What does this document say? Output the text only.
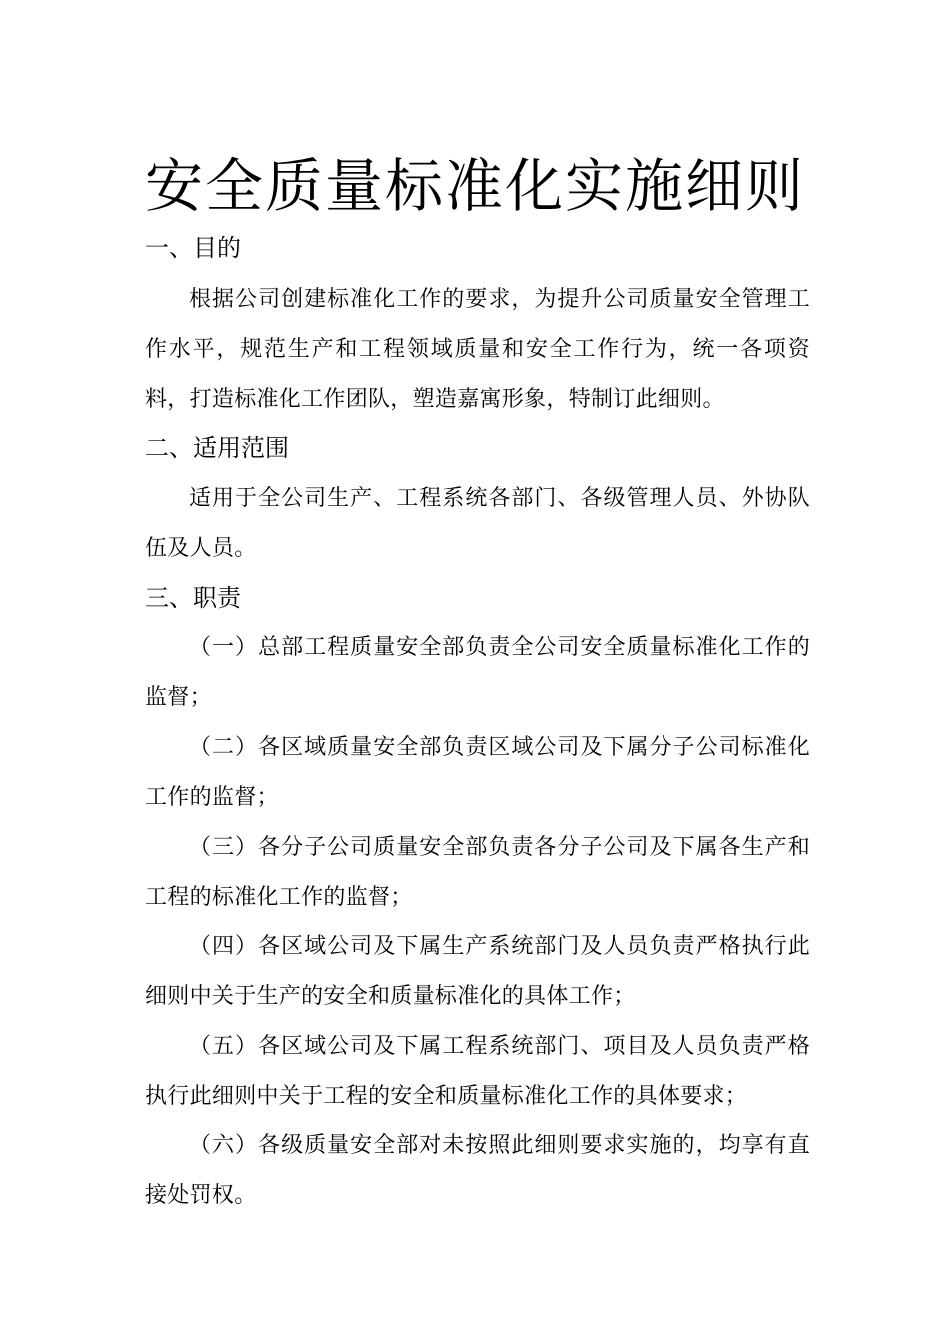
安全质量标准化实施细则
一、目的
根据公司创建标准化工作的要求，为提升公司质量安全管理工作水平，规范生产和工程领域质量和安全工作行为，统一各项资料，打造标准化工作团队，塑造嘉寓形象，特制订此细则。
二、适用范围
适用于全公司生产、工程系统各部门、各级管理人员、外协队伍及人员。
三、职责
（一）总部工程质量安全部负责全公司安全质量标准化工作的监督；
（二）各区域质量安全部负责区域公司及下属分子公司标准化工作的监督；
（三）各分子公司质量安全部负责各分子公司及下属各生产和工程的标准化工作的监督；
（四）各区域公司及下属生产系统部门及人员负责严格执行此细则中关于生产的安全和质量标准化的具体工作；
（五）各区域公司及下属工程系统部门、项目及人员负责严格执行此细则中关于工程的安全和质量标准化工作的具体要求；
（六）各级质量安全部对未按照此细则要求实施的，均享有直接处罚权。
